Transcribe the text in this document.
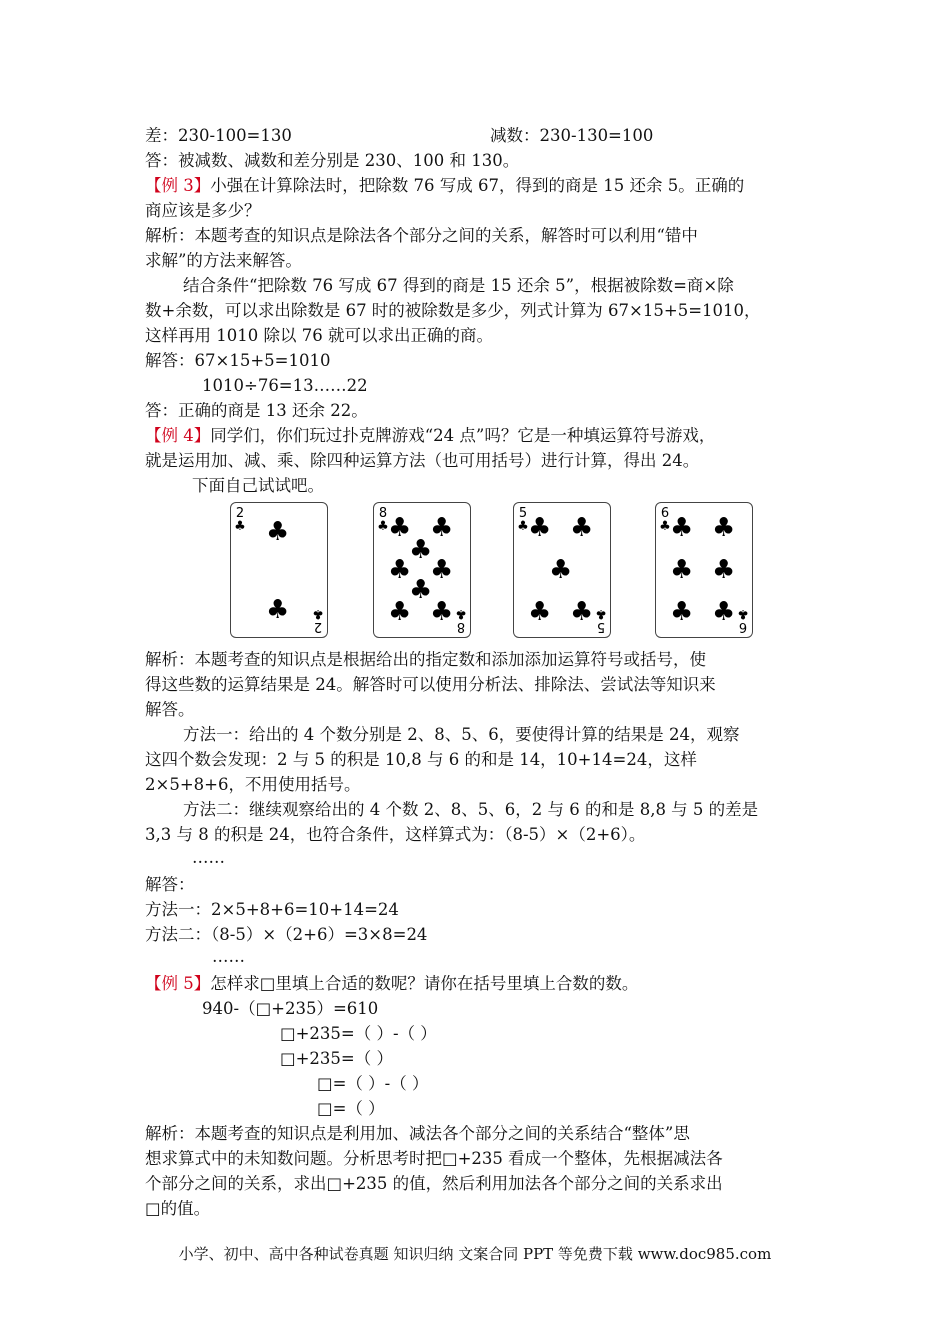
差：230-100=130	减数：230-130=100
答：被减数、减数和差分别是 230、100 和 130。
【例 3】小强在计算除法时，把除数 76 写成 67，得到的商是 15 还余 5。正确的
商应该是多少？
解析：本题考查的知识点是除法各个部分之间的关系，解答时可以利用“错中
求解”的方法来解答。
结合条件“把除数 76 写成 67 得到的商是 15 还余 5”，根据被除数=商×除
数+余数，可以求出除数是 67 时的被除数是多少，列式计算为 67×15+5=1010，
这样再用 1010 除以 76 就可以求出正确的商。
解答：67×15+5=1010
1010÷76=13……22
答：正确的商是 13 还余 22。
【例 4】同学们，你们玩过扑克牌游戏“24 点”吗？它是一种填运算符号游戏，
就是运用加、减、乘、除四种运算方法（也可用括号）进行计算，得出 24。
下面自己试试吧。
2
♣ ♣
♣
2
♣
8
♣ ♣ ♣
♣
♣ ♣
♣
♣ ♣ 8
♣
5
♣ ♣ ♣
♣
♣ ♣ 5
♣
6
♣ ♣ ♣
♣ ♣
♣ ♣ 6
♣
解析：本题考查的知识点是根据给出的指定数和添加添加运算符号或括号，使
得这些数的运算结果是 24。解答时可以使用分析法、排除法、尝试法等知识来
解答。
方法一：给出的 4 个数分别是 2、8、5、6，要使得计算的结果是 24，观察
这四个数会发现：2 与 5 的积是 10,8 与 6 的和是 14，10+14=24，这样
2×5+8+6，不用使用括号。
方法二：继续观察给出的 4 个数 2、8、5、6，2 与 6 的和是 8,8 与 5 的差是
3,3 与 8 的积是 24，也符合条件，这样算式为：（8-5）×（2+6）。
……
解答：
方法一：2×5+8+6=10+14=24
方法二：（8-5）×（2+6）=3×8=24
……
【例 5】怎样求□里填上合适的数呢？请你在括号里填上合数的数。
940-（□+235）=610
□+235=（ ）-（ ）
□+235=（ ）
□=（ ）-（ ）
□=（ ）
解析：本题考查的知识点是利用加、减法各个部分之间的关系结合“整体”思
想求算式中的未知数问题。分析思考时把□+235 看成一个整体，先根据减法各
个部分之间的关系，求出□+235 的值，然后利用加法各个部分之间的关系求出
□的值。
小学、初中、高中各种试卷真题 知识归纳 文案合同 PPT 等免费下载 www.doc985.com
